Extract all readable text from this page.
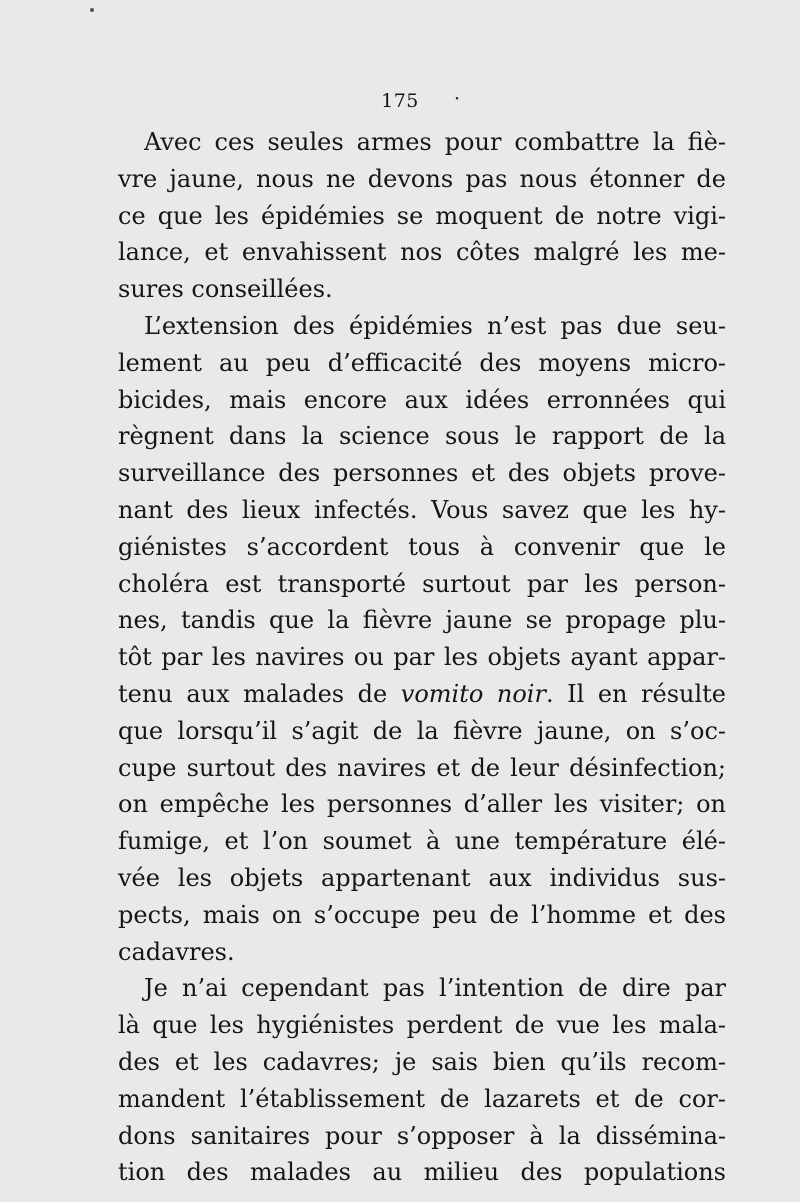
175 ·
Avec ces seules armes pour combattre la fiè-
vre jaune, nous ne devons pas nous étonner de
ce que les épidémies se moquent de notre vigi-
lance, et envahissent nos côtes malgré les me-
sures conseillées.
L’extension des épidémies n’est pas due seu-
lement au peu d’efficacité des moyens micro-
bicides, mais encore aux idées erronnées qui
règnent dans la science sous le rapport de la
surveillance des personnes et des objets prove-
nant des lieux infectés. Vous savez que les hy-
giénistes s’accordent tous à convenir que le
choléra est transporté surtout par les person-
nes, tandis que la fièvre jaune se propage plu-
tôt par les navires ou par les objets ayant appar-
tenu aux malades de vomito noir. Il en résulte
que lorsqu’il s’agit de la fièvre jaune, on s’oc-
cupe surtout des navires et de leur désinfection;
on empêche les personnes d’aller les visiter; on
fumige, et l’on soumet à une température élé-
vée les objets appartenant aux individus sus-
pects, mais on s’occupe peu de l’homme et des
cadavres.
Je n’ai cependant pas l’intention de dire par
là que les hygiénistes perdent de vue les mala-
des et les cadavres; je sais bien qu’ils recom-
mandent l’établissement de lazarets et de cor-
dons sanitaires pour s’opposer à la dissémina-
tion des malades au milieu des populations
